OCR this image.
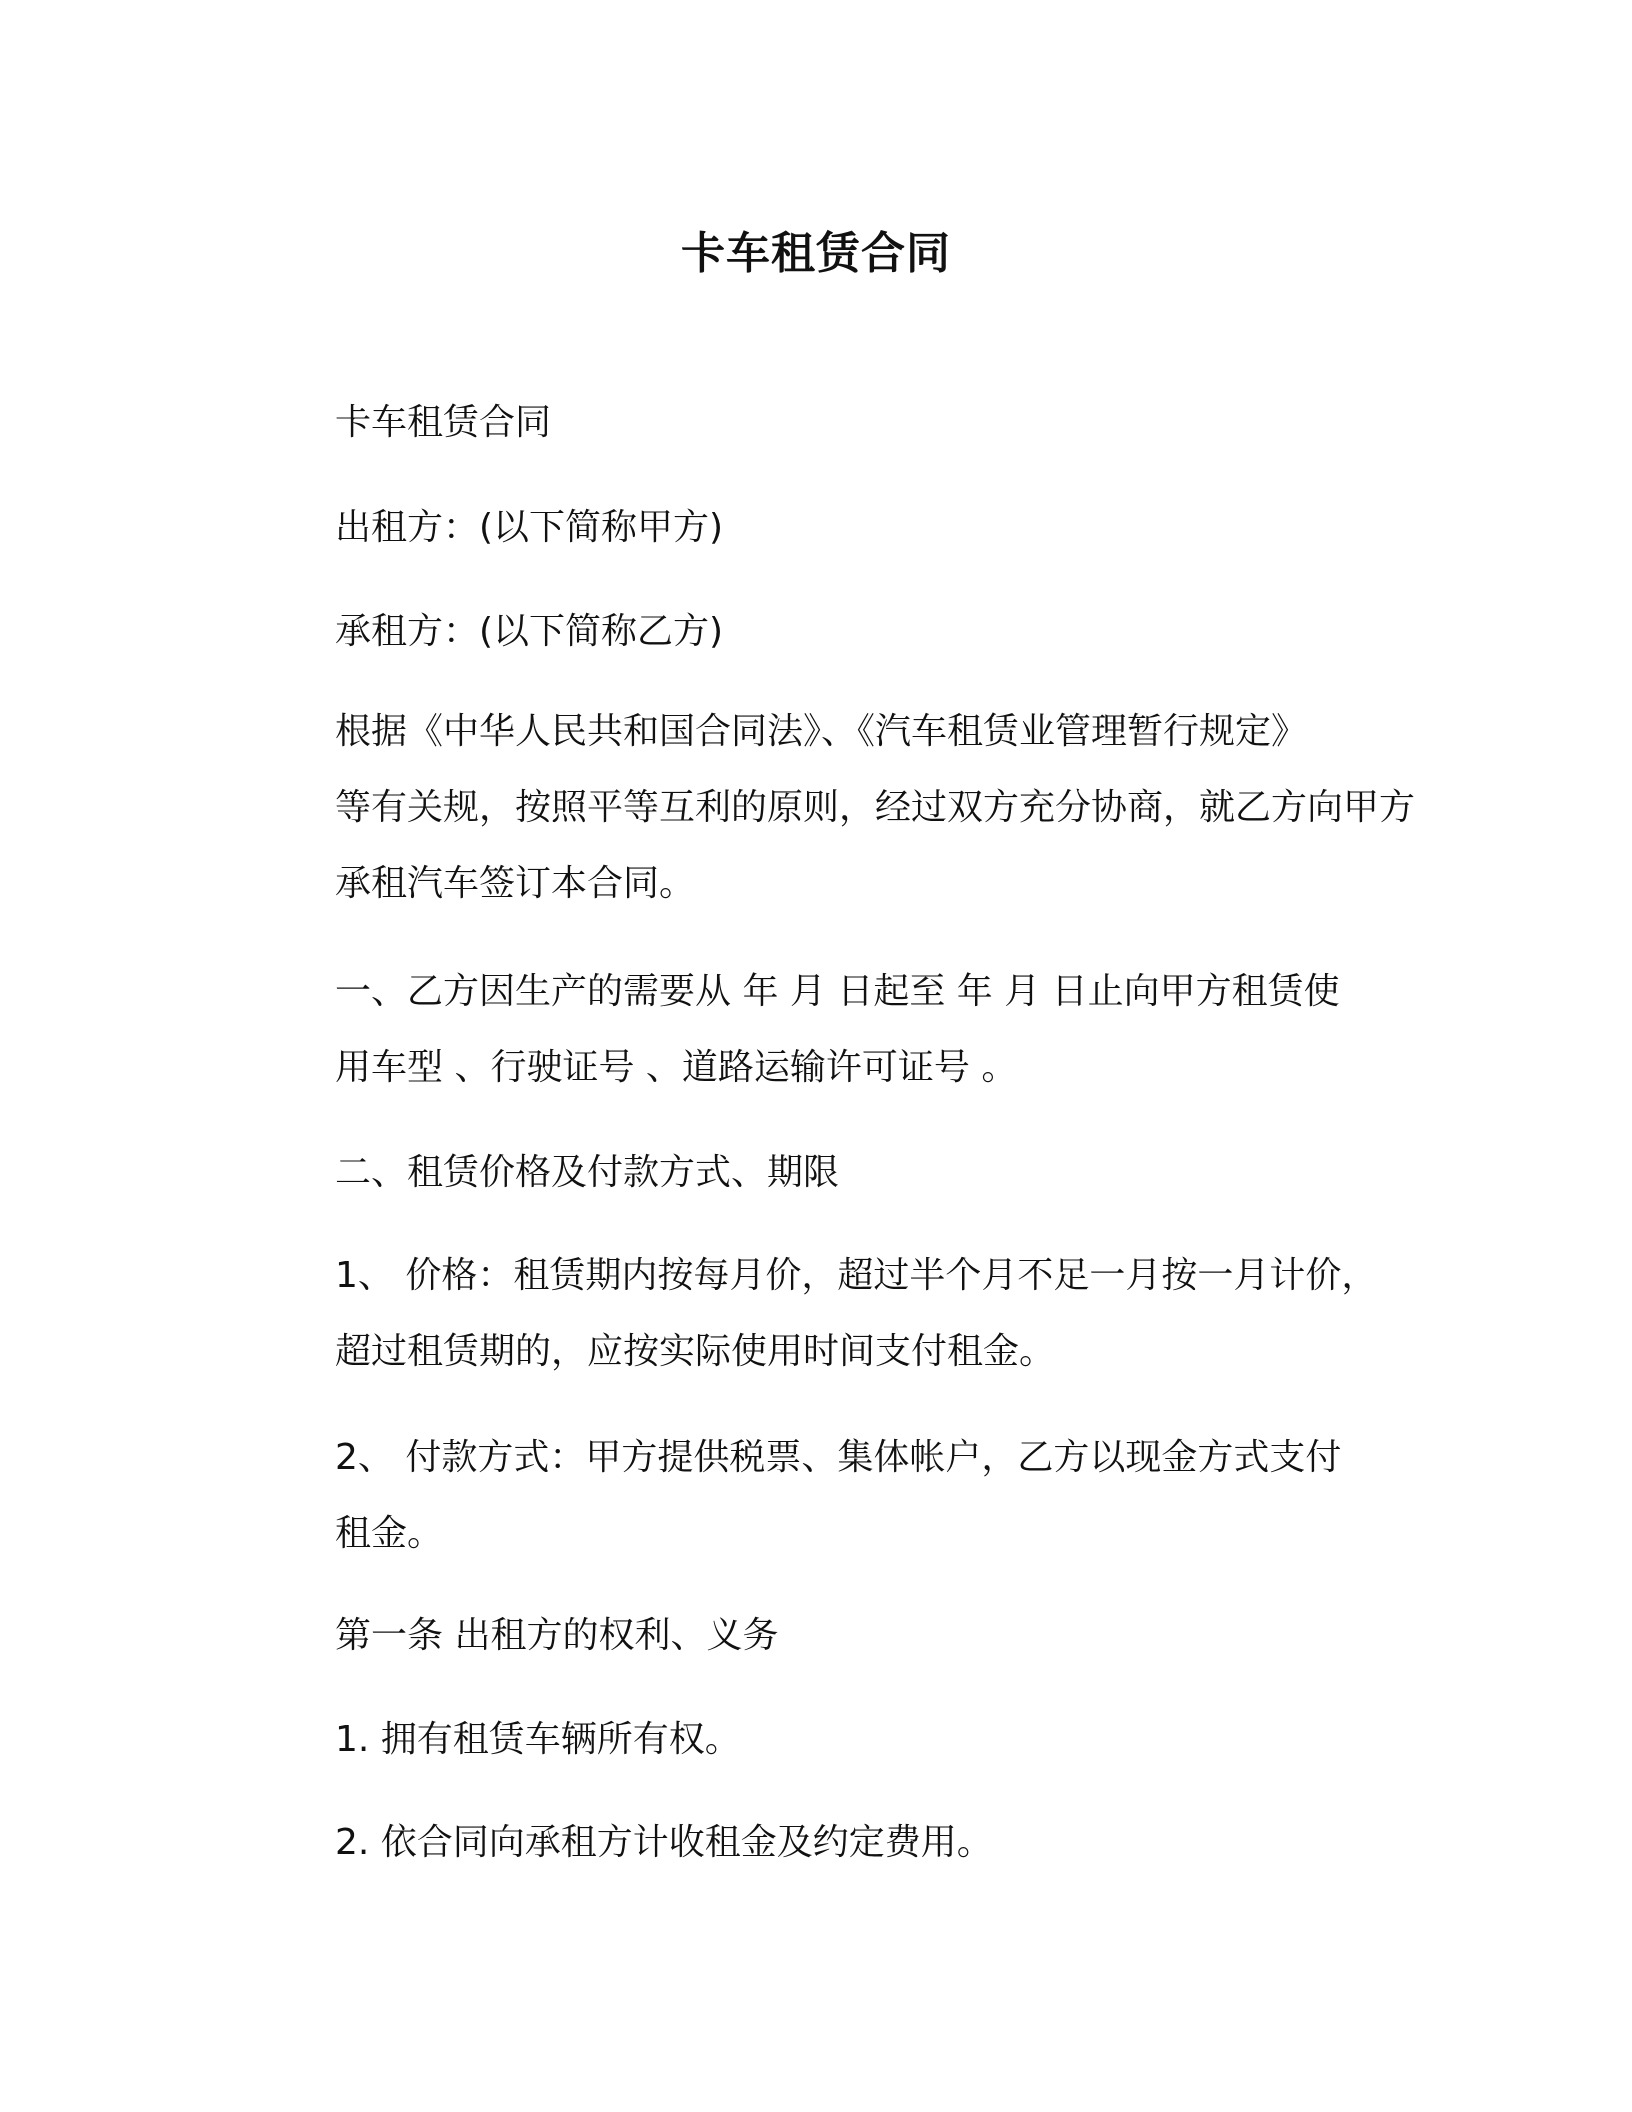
卡车租赁合同
卡车租赁合同
出租方：(以下简称甲方)
承租方：(以下简称乙方)
根据《中华人民共和国合同法》、《汽车租赁业管理暂行规定》
等有关规，按照平等互利的原则，经过双方充分协商，就乙方向甲方
承租汽车签订本合同。
一、乙方因生产的需要从 年 月 日起至 年 月 日止向甲方租赁使
用车型 、行驶证号 、道路运输许可证号 。
二、租赁价格及付款方式、期限
1、 价格：租赁期内按每月价，超过半个月不足一月按一月计价，
超过租赁期的，应按实际使用时间支付租金。
2、 付款方式：甲方提供税票、集体帐户，乙方以现金方式支付
租金。
第一条 出租方的权利、义务
1. 拥有租赁车辆所有权。
2. 依合同向承租方计收租金及约定费用。
